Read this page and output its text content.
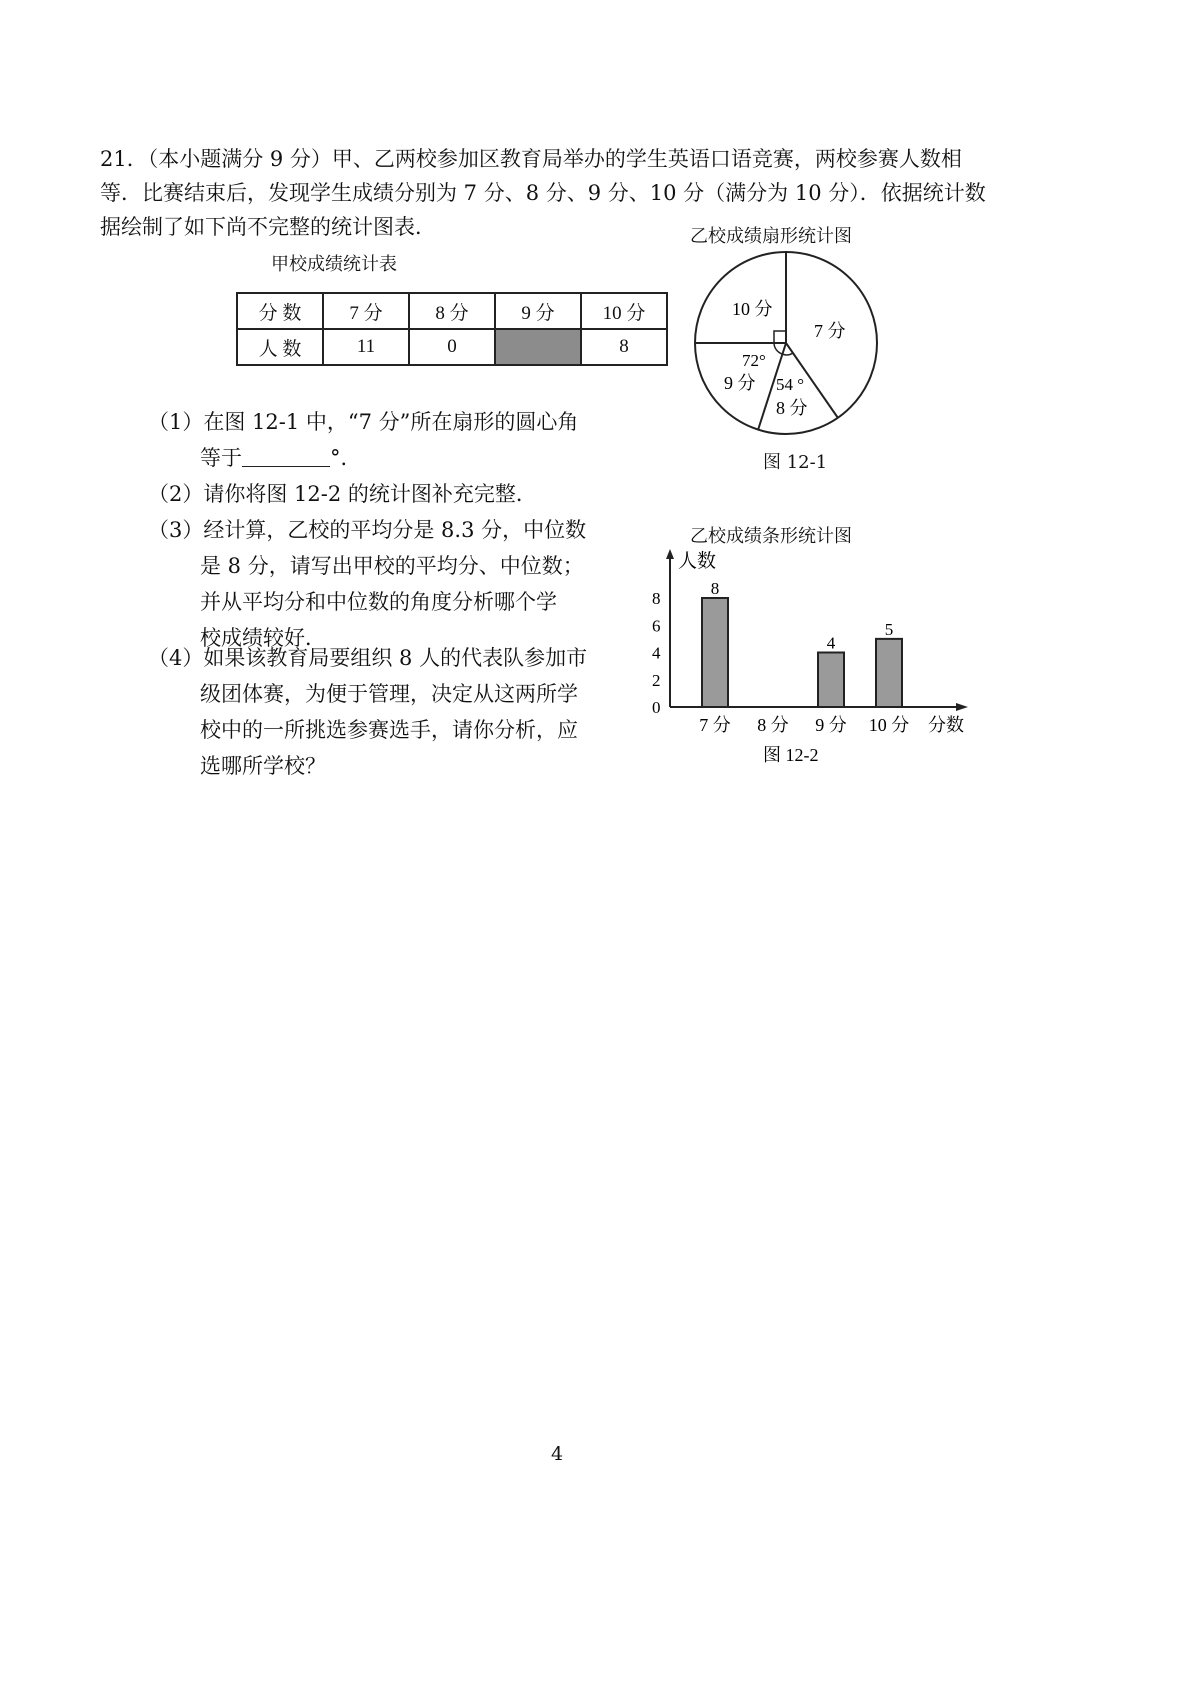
21．（本小题满分 9 分）甲、乙两校参加区教育局举办的学生英语口语竞赛，两校参赛人数相
等．比赛结束后，发现学生成绩分别为 7 分、8 分、9 分、10 分（满分为 10 分）．依据统计数
据绘制了如下尚不完整的统计图表．
甲校成绩统计表
分 数	7 分	8 分	9 分	10 分
人 数	11	0		8
乙校成绩扇形统计图
10 分
7 分
72°
9 分 54 °
8 分
图 12-1
（1）在图 12-1 中，“7 分”所在扇形的圆心角
等于	°．
（2）请你将图 12-2 的统计图补充完整．
（3）经计算，乙校的平均分是 8.3 分，中位数
是 8 分，请写出甲校的平均分、中位数；
并从平均分和中位数的角度分析哪个学
校成绩较好．
（4）如果该教育局要组织 8 人的代表队参加市
级团体赛，为便于管理，决定从这两所学
校中的一所挑选参赛选手，请你分析，应
选哪所学校？
乙校成绩条形统计图
人数
分数
0
2
4
6
8
8
7 分 8 分
4
9 分
5
10 分
图 12-2
4
